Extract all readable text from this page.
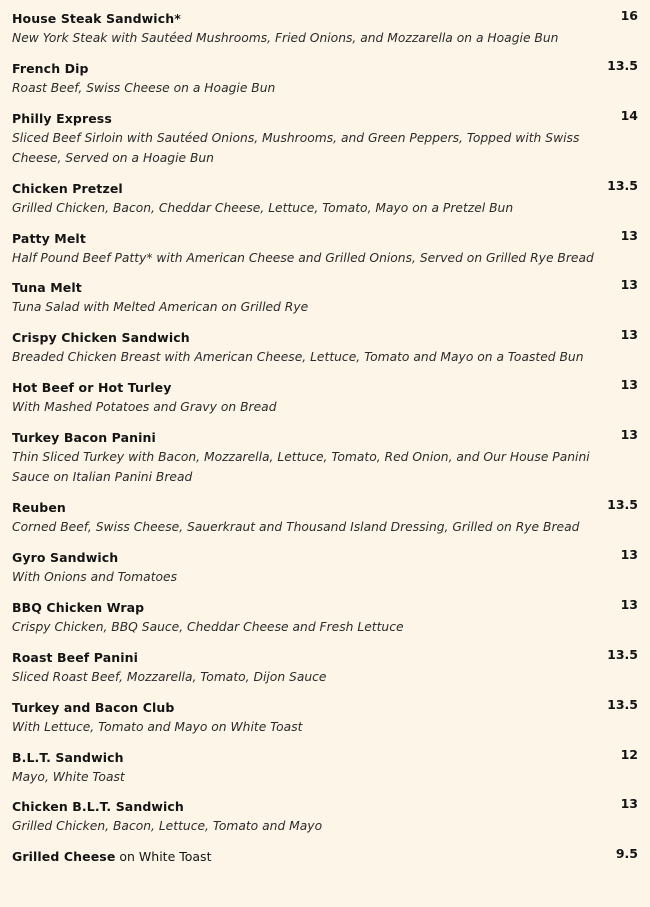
House Steak Sandwich*	16
New York Steak with Sautéed Mushrooms, Fried Onions, and Mozzarella on a Hoagie Bun
French Dip	13.5
Roast Beef, Swiss Cheese on a Hoagie Bun
Philly Express	14
Sliced Beef Sirloin with Sautéed Onions, Mushrooms, and Green Peppers, Topped with Swiss Cheese, Served on a Hoagie Bun
Chicken Pretzel	13.5
Grilled Chicken, Bacon, Cheddar Cheese, Lettuce, Tomato, Mayo on a Pretzel Bun
Patty Melt	13
Half Pound Beef Patty* with American Cheese and Grilled Onions, Served on Grilled Rye Bread
Tuna Melt	13
Tuna Salad with Melted American on Grilled Rye
Crispy Chicken Sandwich	13
Breaded Chicken Breast with American Cheese, Lettuce, Tomato and Mayo on a Toasted Bun
Hot Beef or Hot Turley	13
With Mashed Potatoes and Gravy on Bread
Turkey Bacon Panini	13
Thin Sliced Turkey with Bacon, Mozzarella, Lettuce, Tomato, Red Onion, and Our House Panini Sauce on Italian Panini Bread
Reuben	13.5
Corned Beef, Swiss Cheese, Sauerkraut and Thousand Island Dressing, Grilled on Rye Bread
Gyro Sandwich	13
With Onions and Tomatoes
BBQ Chicken Wrap	13
Crispy Chicken, BBQ Sauce, Cheddar Cheese and Fresh Lettuce
Roast Beef Panini	13.5
Sliced Roast Beef, Mozzarella, Tomato, Dijon Sauce
Turkey and Bacon Club	13.5
With Lettuce, Tomato and Mayo on White Toast
B.L.T. Sandwich	12
Mayo, White Toast
Chicken B.L.T. Sandwich	13
Grilled Chicken, Bacon, Lettuce, Tomato and Mayo
Grilled Cheese on White Toast	9.5
